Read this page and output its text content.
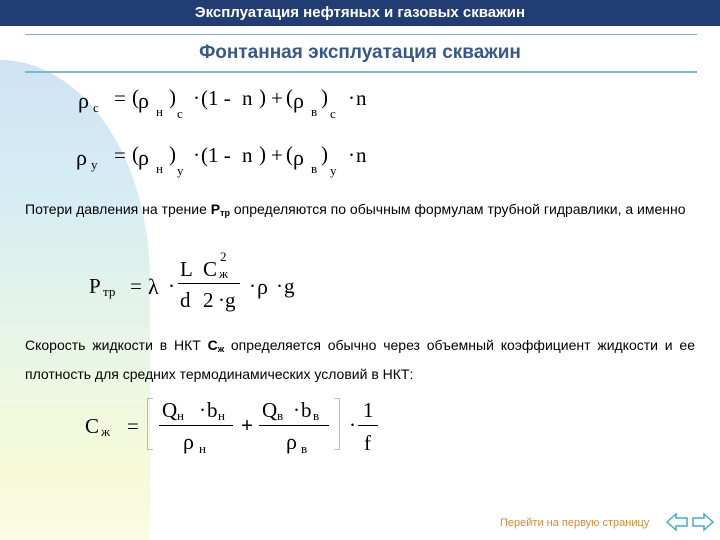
Эксплуатация нефтяных и газовых скважин
Фонтанная эксплуатация скважин
ρ с = ( ρ н
)
с
· (1 - n ) + ( ρ в
)
с
· n
ρ у = ( ρ н
)
у
· (1 - n ) + ( ρ в
)
у
· n

Потери давления на трение Ртр определяются по обычным формулам трубной гидравлики, а именно

P тр = λ ·
L C ж
2
d 2 · g
· ρ · g

Скорость жидкости в НКТ Сж определяется обычно через объемный коэффициент жидкости и ее плотность для средних термодинамических условий в НКТ:

C ж =
Q н · b н
ρ н
+
Q в · b в
ρ в
·
1
f
Перейти на первую страницу
